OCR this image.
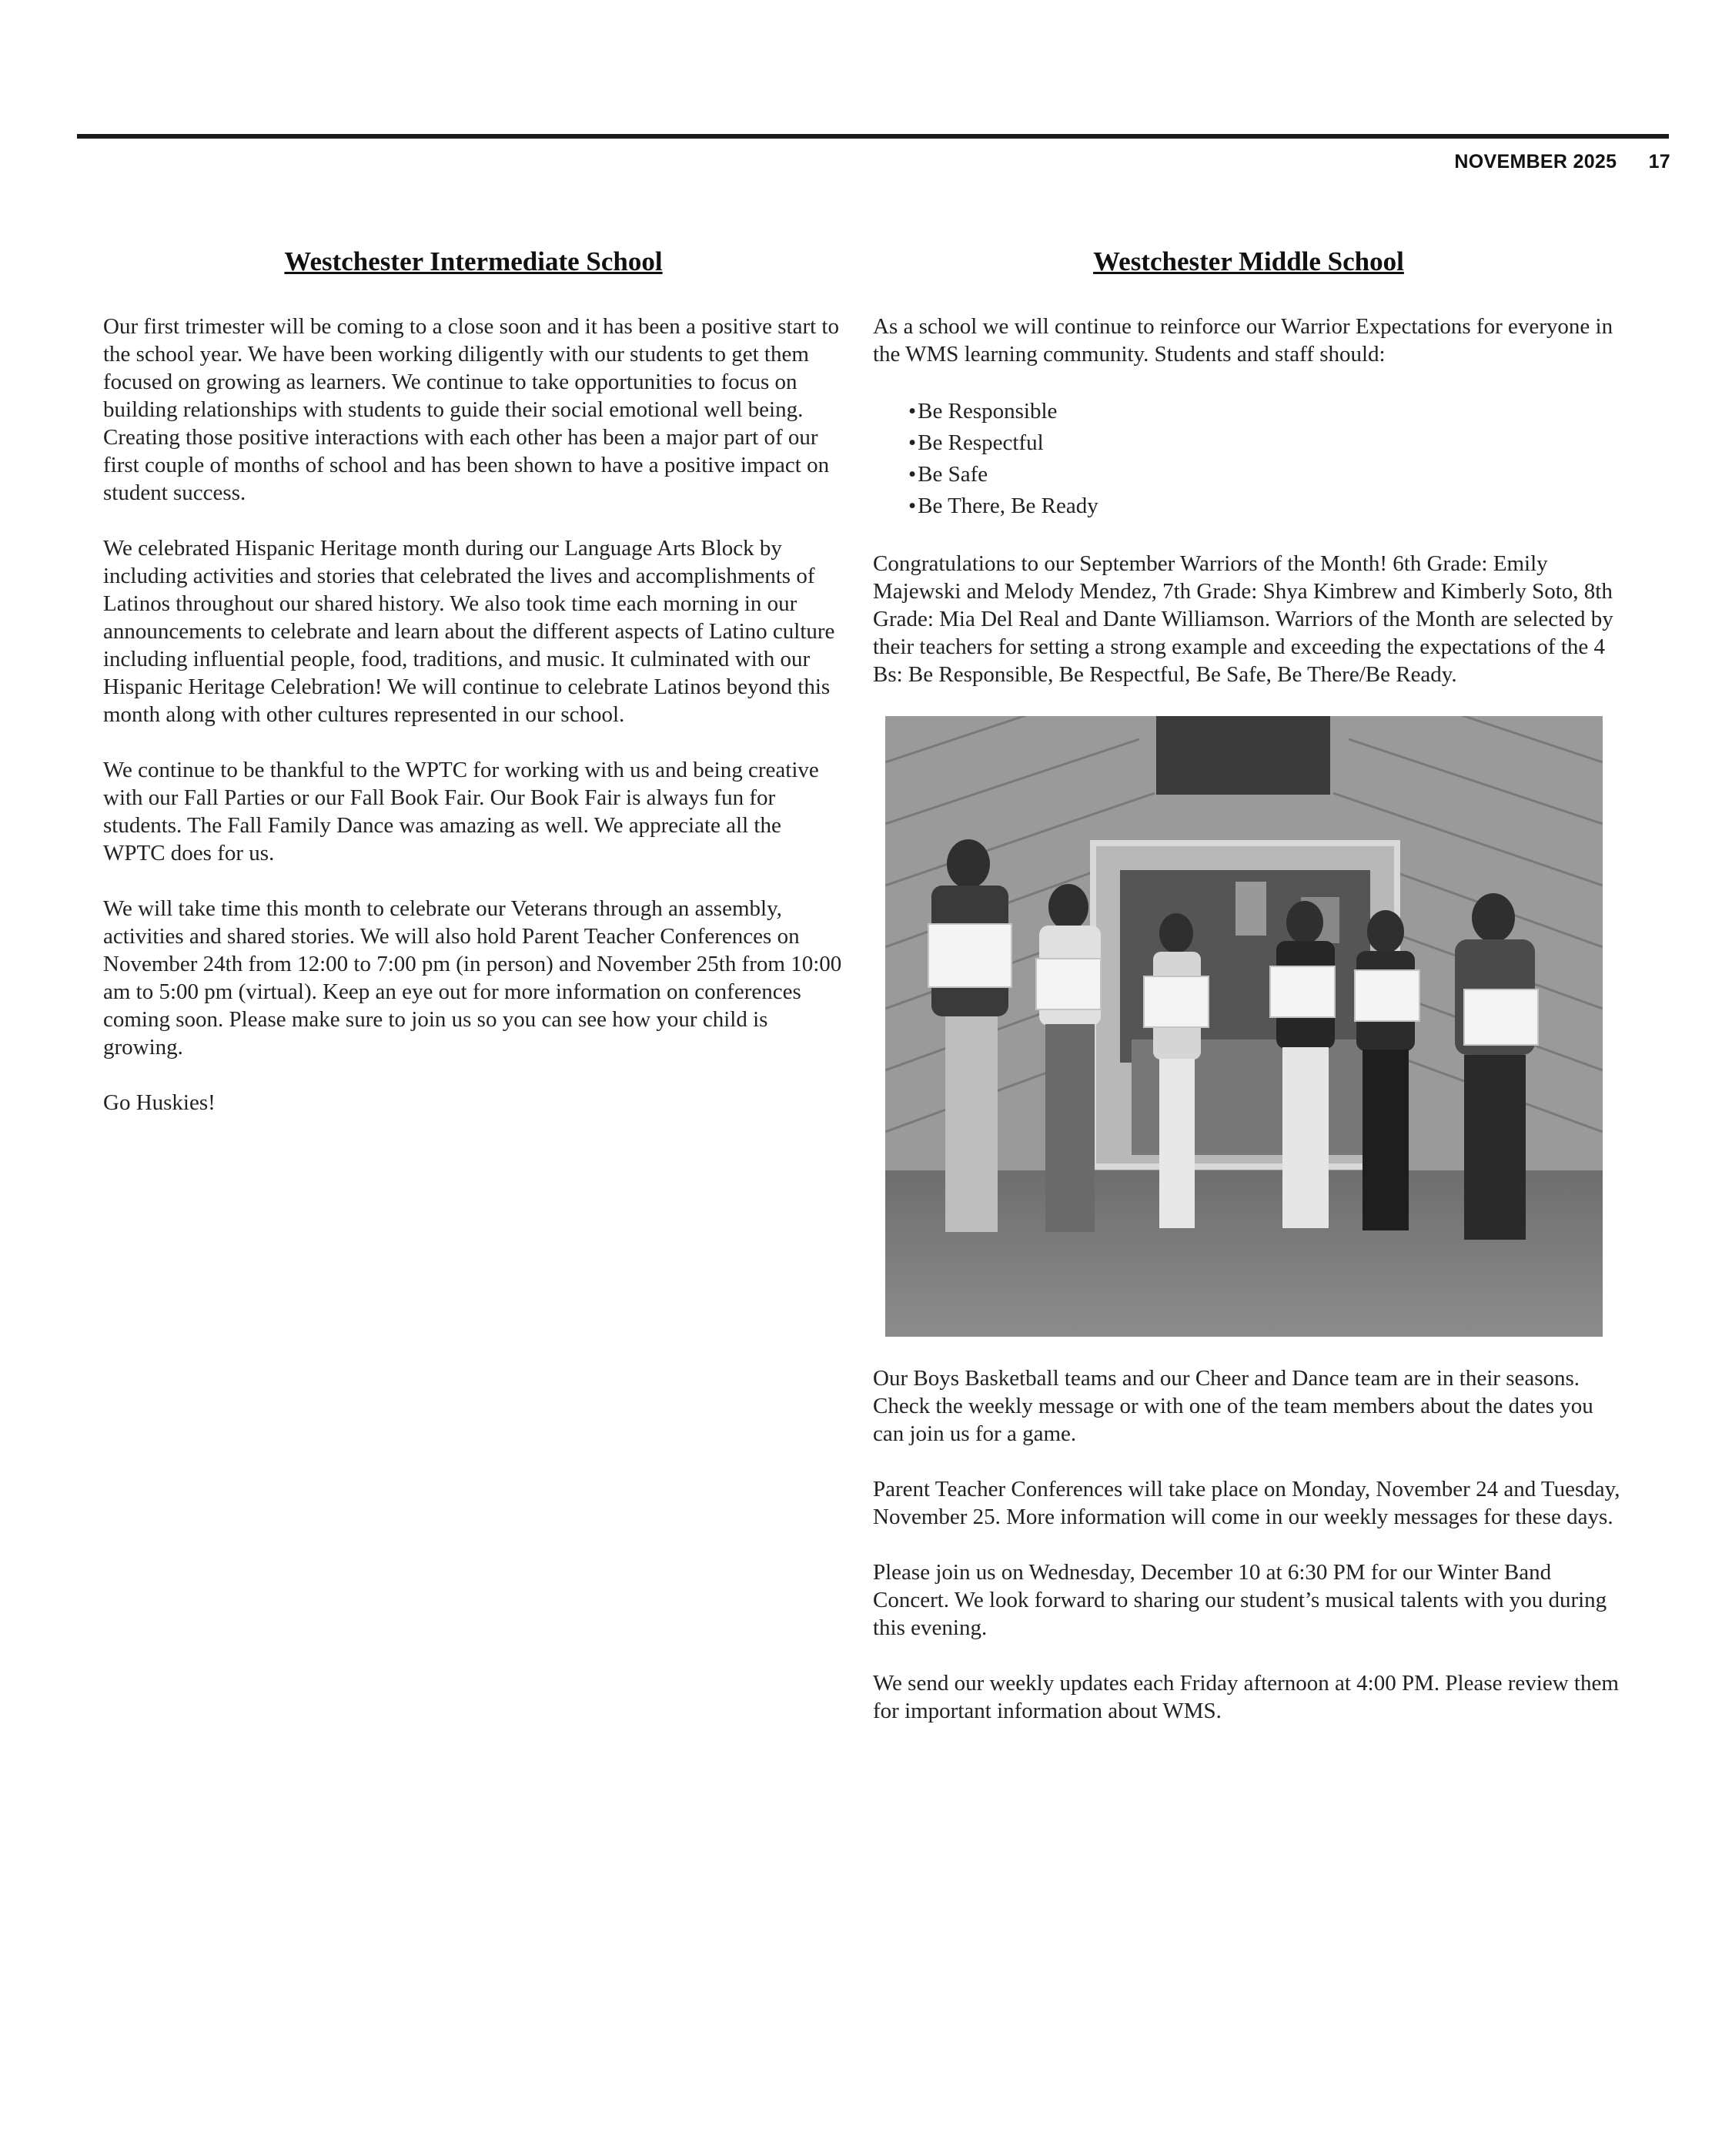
NOVEMBER 2025 17
Westchester Intermediate School

Our first trimester will be coming to a close soon and it has been a positive start to the school year. We have been working diligently with our students to get them focused on growing as learners. We continue to take opportunities to focus on building relationships with students to guide their social emotional well being. Creating those positive interactions with each other has been a major part of our first couple of months of school and has been shown to have a positive impact on student success.

We celebrated Hispanic Heritage month during our Language Arts Block by including activities and stories that celebrated the lives and accomplishments of Latinos throughout our shared history. We also took time each morning in our announcements to celebrate and learn about the different aspects of Latino culture including influential people, food, traditions, and music. It culminated with our Hispanic Heritage Celebration! We will continue to celebrate Latinos beyond this month along with other cultures represented in our school.

We continue to be thankful to the WPTC for working with us and being creative with our Fall Parties or our Fall Book Fair. Our Book Fair is always fun for students. The Fall Family Dance was amazing as well. We appreciate all the WPTC does for us.

We will take time this month to celebrate our Veterans through an assembly, activities and shared stories. We will also hold Parent Teacher Conferences on November 24th from 12:00 to 7:00 pm (in person) and November 25th from 10:00 am to 5:00 pm (virtual). Keep an eye out for more information on conferences coming soon. Please make sure to join us so you can see how your child is growing.

Go Huskies!

Westchester Middle School

As a school we will continue to reinforce our Warrior Expectations for everyone in the WMS learning community. Students and staff should:

•Be Responsible
•Be Respectful
•Be Safe
•Be There, Be Ready

Congratulations to our September Warriors of the Month! 6th Grade: Emily Majewski and Melody Mendez, 7th Grade: Shya Kimbrew and Kimberly Soto, 8th Grade: Mia Del Real and Dante Williamson. Warriors of the Month are selected by their teachers for setting a strong example and exceeding the expectations of the 4 Bs: Be Responsible, Be Respectful, Be Safe, Be There/Be Ready.

Our Boys Basketball teams and our Cheer and Dance team are in their seasons. Check the weekly message or with one of the team members about the dates you can join us for a game.

Parent Teacher Conferences will take place on Monday, November 24 and Tuesday, November 25. More information will come in our weekly messages for these days.

Please join us on Wednesday, December 10 at 6:30 PM for our Winter Band Concert. We look forward to sharing our student’s musical talents with you during this evening.

We send our weekly updates each Friday afternoon at 4:00 PM. Please review them for important information about WMS.
